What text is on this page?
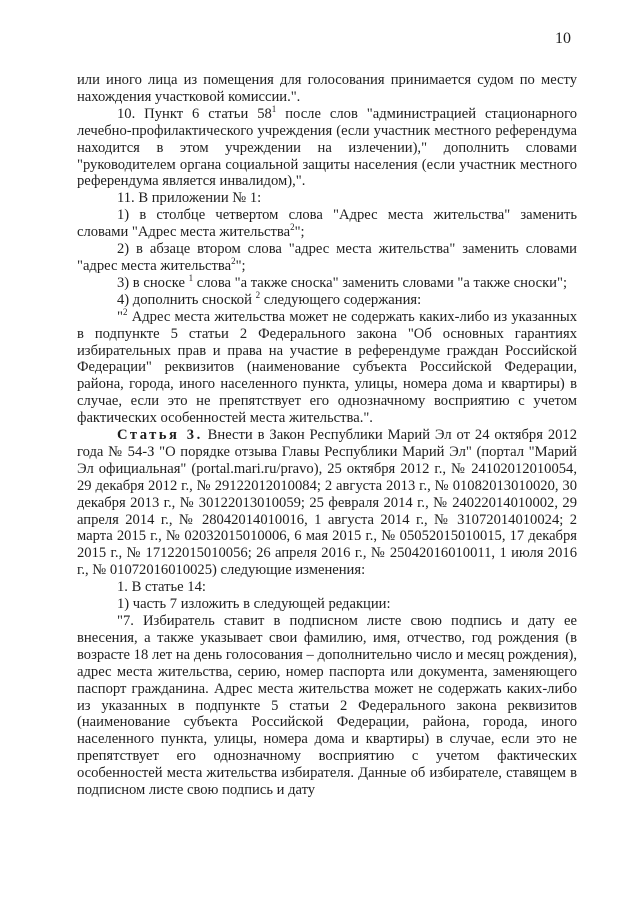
10

или иного лица из помещения для голосования принимается судом по месту нахождения участковой комиссии.".

10. Пункт 6 статьи $58^1$ после слов "администрацией стационарного лечебно-профилактического учреждения (если участник местного референдума находится в этом учреждении на излечении)," дополнить словами "руководителем органа социальной защиты населения (если участник местного референдума является инвалидом),".

11. В приложении № 1:

1) в столбце четвертом слова "Адрес места жительства" заменить словами "Адрес места жительства$^2$";

2) в абзаце втором слова "адрес места жительства" заменить словами "адрес места жительства$^2$";

3) в сноске $^1$ слова "а также сноска" заменить словами "а также сноски";

4) дополнить сноской $^2$ следующего содержания:

"$^2$ Адрес места жительства может не содержать каких-либо из указанных в подпункте 5 статьи 2 Федерального закона "Об основных гарантиях избирательных прав и права на участие в референдуме граждан Российской Федерации" реквизитов (наименование субъекта Российской Федерации, района, города, иного населенного пункта, улицы, номера дома и квартиры) в случае, если это не препятствует его однозначному восприятию с учетом фактических особенностей места жительства.".

Статья 3. Внести в Закон Республики Марий Эл от 24 октября 2012 года № 54-З "О порядке отзыва Главы Республики Марий Эл" (портал "Марий Эл официальная" (portal.mari.ru/pravo), 25 октября 2012 г., № 24102012010054, 29 декабря 2012 г., № 29122012010084; 2 августа 2013 г., № 01082013010020, 30 декабря 2013 г., № 30122013010059; 25 февраля 2014 г., № 24022014010002, 29 апреля 2014 г., № 28042014010016, 1 августа 2014 г., № 31072014010024; 2 марта 2015 г., № 02032015010006, 6 мая 2015 г., № 05052015010015, 17 декабря 2015 г., № 17122015010056; 26 апреля 2016 г., № 25042016010011, 1 июля 2016 г., № 01072016010025) следующие изменения:

1. В статье 14:

1) часть 7 изложить в следующей редакции:

"7. Избиратель ставит в подписном листе свою подпись и дату ее внесения, а также указывает свои фамилию, имя, отчество, год рождения (в возрасте 18 лет на день голосования – дополнительно число и месяц рождения), адрес места жительства, серию, номер паспорта или документа, заменяющего паспорт гражданина. Адрес места жительства может не содержать каких-либо из указанных в подпункте 5 статьи 2 Федерального закона реквизитов (наименование субъекта Российской Федерации, района, города, иного населенного пункта, улицы, номера дома и квартиры) в случае, если это не препятствует его однозначному восприятию с учетом фактических особенностей места жительства избирателя. Данные об избирателе, ставящем в подписном листе свою подпись и дату
